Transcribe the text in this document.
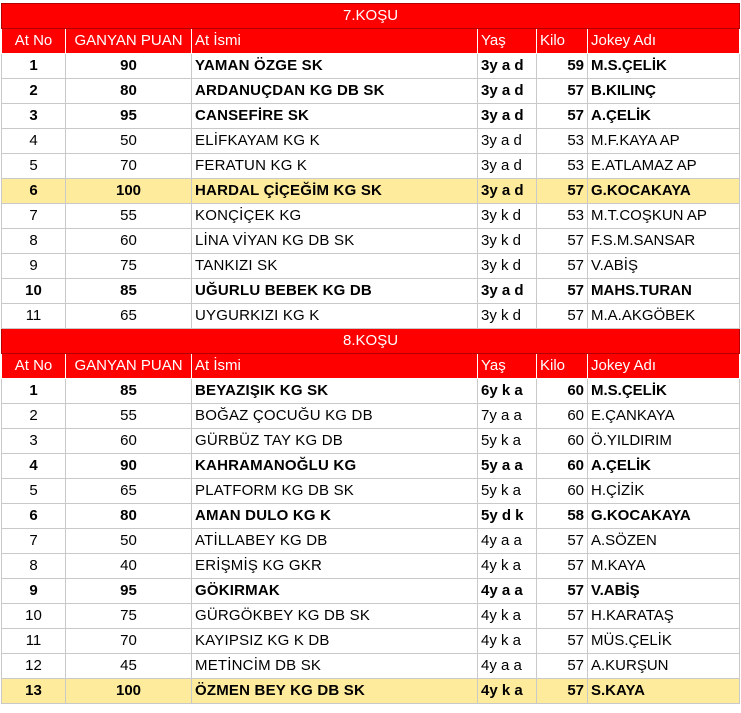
7.KOŞU					
At No	GANYAN PUAN	At İsmi	Yaş	Kilo	Jokey Adı
1	90	YAMAN ÖZGE SK	3y a d	59	M.S.ÇELİK
2	80	ARDANUÇDAN KG DB SK	3y a d	57	B.KILINÇ
3	95	CANSEFİRE SK	3y a d	57	A.ÇELİK
4	50	ELİFKAYAM KG K	3y a d	53	M.F.KAYA AP
5	70	FERATUN KG K	3y a d	53	E.ATLAMAZ AP
6	100	HARDAL ÇİÇEĞİM KG SK	3y a d	57	G.KOCAKAYA
7	55	KONÇİÇEK KG	3y k d	53	M.T.COŞKUN AP
8	60	LİNA VİYAN KG DB SK	3y k d	57	F.S.M.SANSAR
9	75	TANKIZI SK	3y k d	57	V.ABİŞ
10	85	UĞURLU BEBEK KG DB	3y a d	57	MAHS.TURAN
11	65	UYGURKIZI KG K	3y k d	57	M.A.AKGÖBEK
8.KOŞU					
At No	GANYAN PUAN	At İsmi	Yaş	Kilo	Jokey Adı
1	85	BEYAZIŞIK KG SK	6y k a	60	M.S.ÇELİK
2	55	BOĞAZ ÇOCUĞU KG DB	7y a a	60	E.ÇANKAYA
3	60	GÜRBÜZ TAY KG DB	5y k a	60	Ö.YILDIRIM
4	90	KAHRAMANOĞLU KG	5y a a	60	A.ÇELİK
5	65	PLATFORM KG DB SK	5y k a	60	H.ÇİZİK
6	80	AMAN DULO KG K	5y d k	58	G.KOCAKAYA
7	50	ATİLLABEY KG DB	4y a a	57	A.SÖZEN
8	40	ERİŞMİŞ KG GKR	4y k a	57	M.KAYA
9	95	GÖKIRMAK	4y a a	57	V.ABİŞ
10	75	GÜRGÖKBEY KG DB SK	4y k a	57	H.KARATAŞ
11	70	KAYIPSIZ KG K DB	4y k a	57	MÜS.ÇELİK
12	45	METİNCİM DB SK	4y a a	57	A.KURŞUN
13	100	ÖZMEN BEY KG DB SK	4y k a	57	S.KAYA
